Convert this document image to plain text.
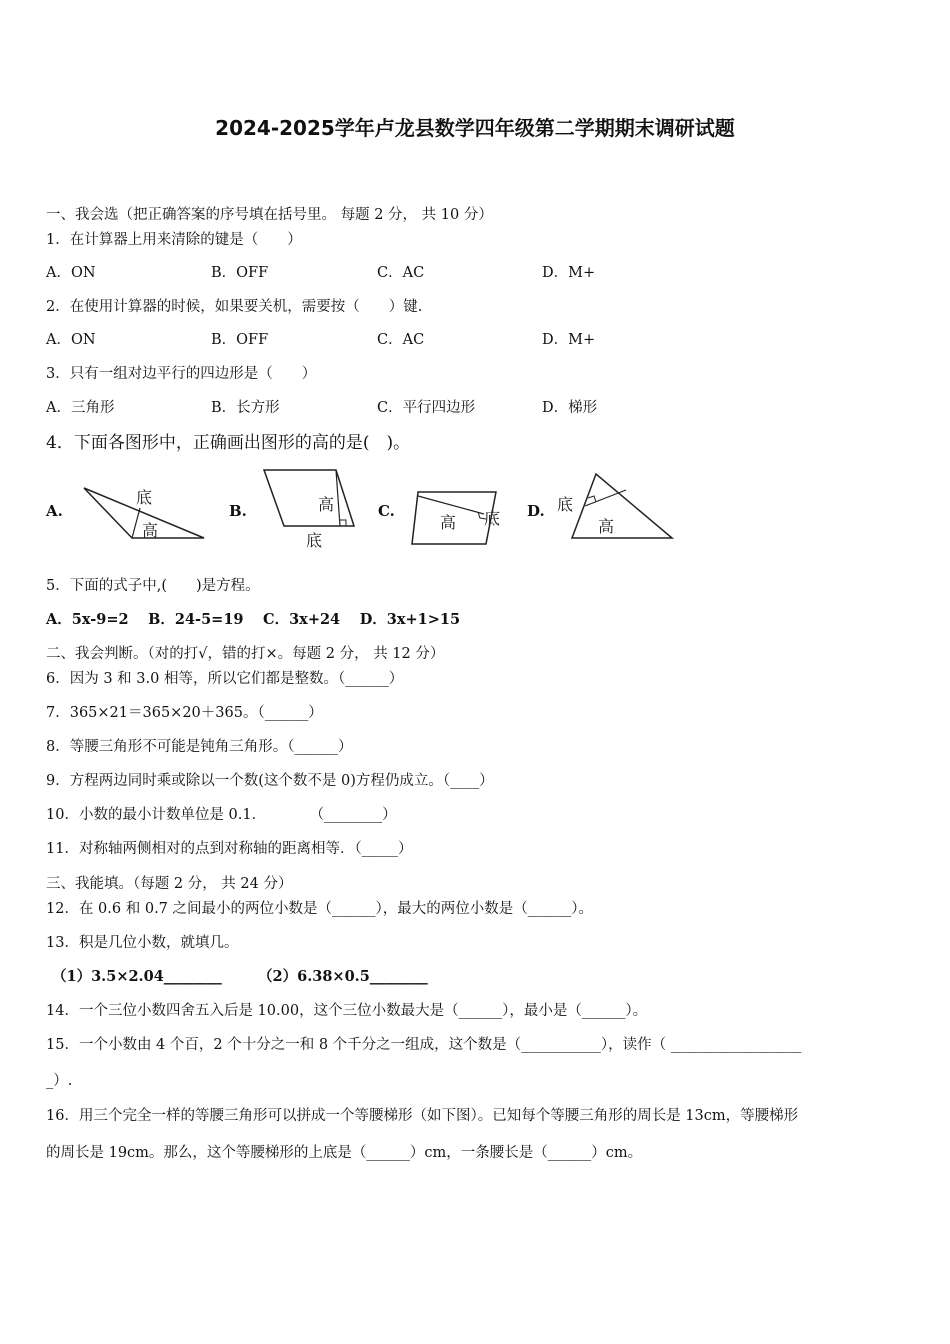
2024-2025学年卢龙县数学四年级第二学期期末调研试题
一、我会选（把正确答案的序号填在括号里。 每题 2 分， 共 10 分）
1．在计算器上用来清除的键是（　　）
A．ON	B．OFF	C．AC	D．M+
2．在使用计算器的时候，如果要关机，需要按（　　）键.
A．ON	B．OFF	C．AC	D．M+
3．只有一组对边平行的四边形是（　　）
A．三角形	B．长方形	C．平行四边形	D．梯形
4．下面各图形中，正确画出图形的高的是(　)。
A.
底
高
B.	高
底
C.
高 底 D. 底
高
5．下面的式子中,(　　)是方程。
A．5x-9=2　 B．24-5=19　 C．3x+24　 D．3x+1>15
二、我会判断。（对的打√，错的打×。每题 2 分， 共 12 分）
6．因为 3 和 3.0 相等，所以它们都是整数。（______）
7．365×21＝365×20＋365。（______）
8．等腰三角形不可能是钝角三角形。（______）
9．方程两边同时乘或除以一个数(这个数不是 0)方程仍成立。（____）
10．小数的最小计数单位是 0.1．　　　　（________）
11．对称轴两侧相对的点到对称轴的距离相等．（_____）
三、我能填。（每题 2 分， 共 24 分）
12．在 0.6 和 0.7 之间最小的两位小数是（______），最大的两位小数是（______）。
13．积是几位小数，就填几。
（1）3.5×2.04________　　　（2）6.38×0.5________
14．一个三位小数四舍五入后是 10.00，这个三位小数最大是（______），最小是（______）。
15．一个小数由 4 个百，2 个十分之一和 8 个千分之一组成，这个数是（___________），读作（ __________________
_）.
16．用三个完全一样的等腰三角形可以拼成一个等腰梯形（如下图）。已知每个等腰三角形的周长是 13cm，等腰梯形
的周长是 19cm。那么，这个等腰梯形的上底是（______）cm，一条腰长是（______）cm。
